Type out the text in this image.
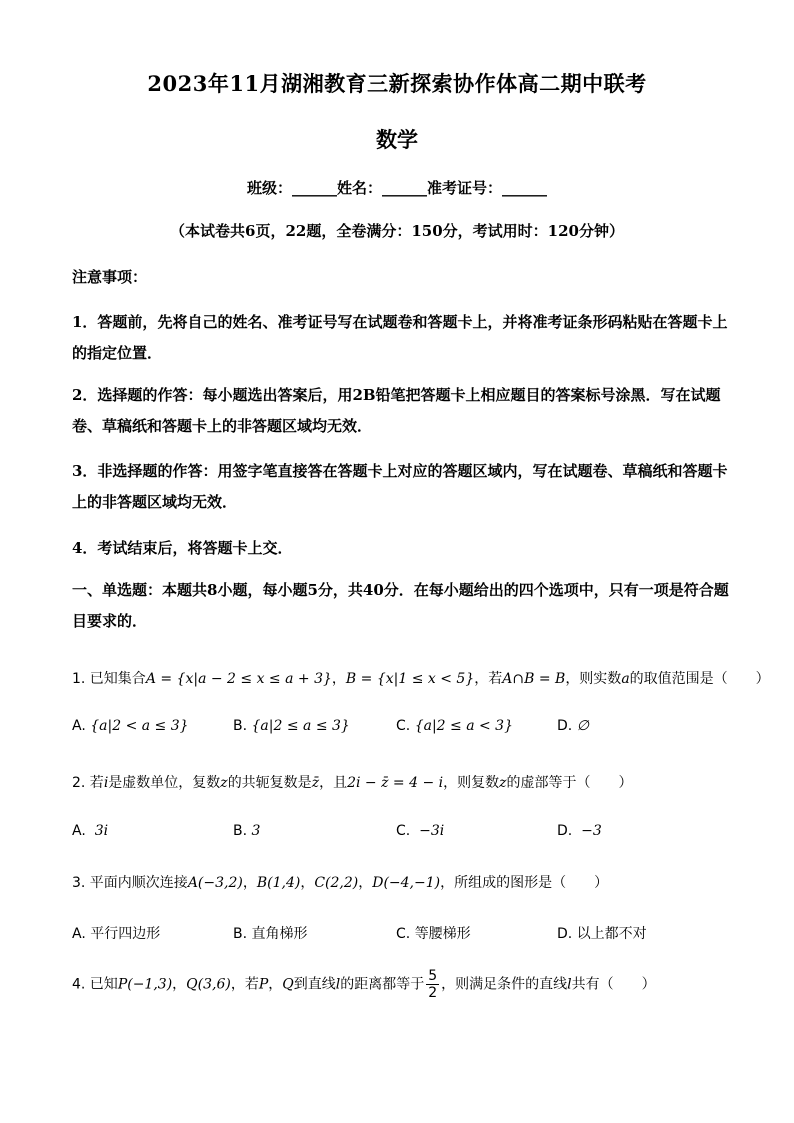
2023年11月湖湘教育三新探索协作体高二期中联考
数学
班级：______姓名：______准考证号：______
（本试卷共6页，22题，全卷满分：150分，考试用时：120分钟）
注意事项：
1．答题前，先将自己的姓名、准考证号写在试题卷和答题卡上，并将准考证条形码粘贴在答题卡上的指定位置．
2．选择题的作答：每小题选出答案后，用2B铅笔把答题卡上相应题目的答案标号涂黑．写在试题卷、草稿纸和答题卡上的非答题区域均无效．
3．非选择题的作答：用签字笔直接答在答题卡上对应的答题区域内，写在试题卷、草稿纸和答题卡上的非答题区域均无效．
4．考试结束后，将答题卡上交．
一、单选题：本题共8小题，每小题5分，共40分．在每小题给出的四个选项中，只有一项是符合题目要求的．
1. 已知集合A = {x|a − 2 ≤ x ≤ a + 3}，B = {x|1 ≤ x < 5}，若A∩B = B，则实数a的取值范围是（　　）
A. {a|2 < a ≤ 3}	B. {a|2 ≤ a ≤ 3}	C. {a|2 ≤ a < 3}	D. ∅
2. 若i是虚数单位，复数z的共轭复数是z̄，且2i − z̄ = 4 − i，则复数z的虚部等于（　　）
A. 3i	B. 3	C. −3i	D. −3
3. 平面内顺次连接A(−3,2)，B(1,4)，C(2,2)，D(−4,−1)，所组成的图形是（　　）
A. 平行四边形	B. 直角梯形	C. 等腰梯形	D. 以上都不对
4. 已知P(−1,3)，Q(3,6)，若P，Q到直线l的距离都等于 $\frac{5}{2}$ ，则满足条件的直线l共有（　　）
